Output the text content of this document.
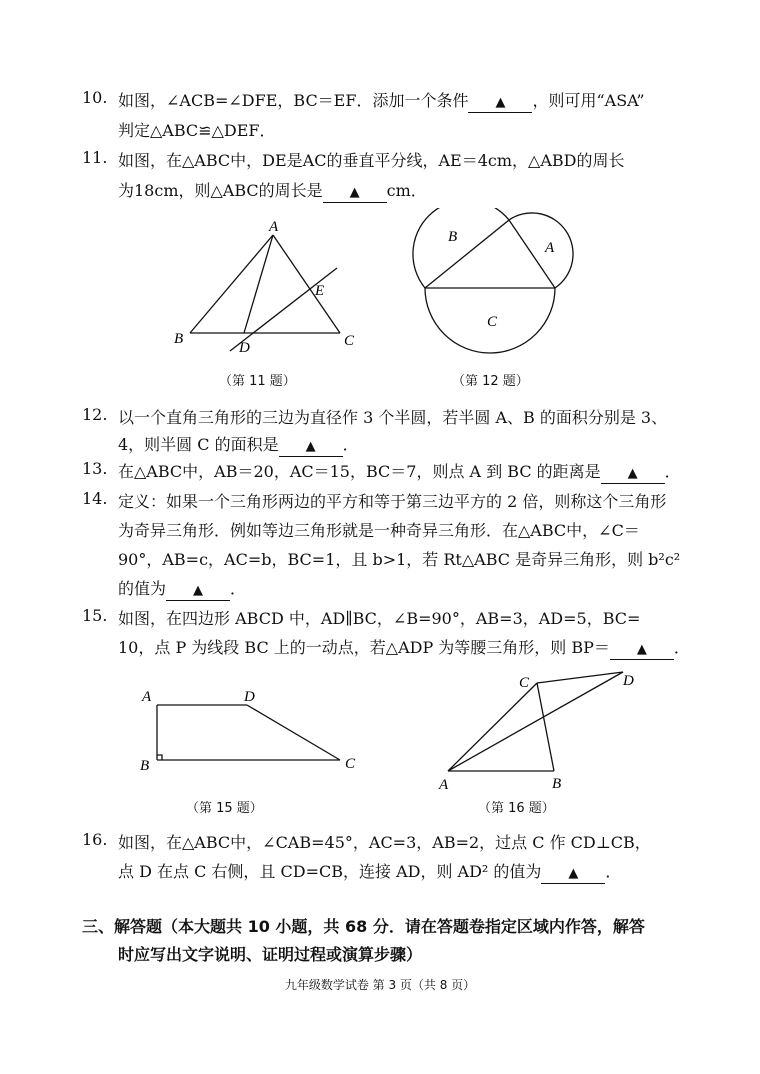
10. 如图，∠ACB=∠DFE，BC＝EF．添加一个条件 ▲	，则可用“ASA”
判定△ABC≌△DEF．
11. 如图，在△ABC中，DE是AC的垂直平分线，AE＝4cm，△ABD的周长
为18cm，则△ABC的周长是 ▲	cm．
A
B	C
D
E
（第 11 题）
B
A
C
（第 12 题）
12. 以一个直角三角形的三边为直径作 3 个半圆，若半圆 A、B 的面积分别是 3、
4，则半圆 C 的面积是 ▲	．
13. 在△ABC中，AB＝20，AC＝15，BC＝7，则点 A 到 BC 的距离是 ▲	．
14. 定义：如果一个三角形两边的平方和等于第三边平方的 2 倍，则称这个三角形
为奇异三角形．例如等边三角形就是一种奇异三角形．在△ABC中，∠C＝
90°，AB=c，AC=b，BC=1，且 b>1，若 Rt△ABC 是奇异三角形，则 b²c²
的值为 ▲	．
15. 如图，在四边形 ABCD 中，AD∥BC，∠B=90°，AB=3，AD=5，BC=
10，点 P 为线段 BC 上的一动点，若△ADP 为等腰三角形，则 BP＝ ▲	．
A	D
B	C
（第 15 题）
C	D
A	B
（第 16 题）
16. 如图，在△ABC中，∠CAB=45°，AC=3，AB=2，过点 C 作 CD⊥CB，
点 D 在点 C 右侧，且 CD=CB，连接 AD，则 AD² 的值为 ▲	．
三、解答题（本大题共 10 小题，共 68 分．请在答题卷指定区域内作答，解答
时应写出文字说明、证明过程或演算步骤）
九年级数学试卷 第 3 页（共 8 页）
